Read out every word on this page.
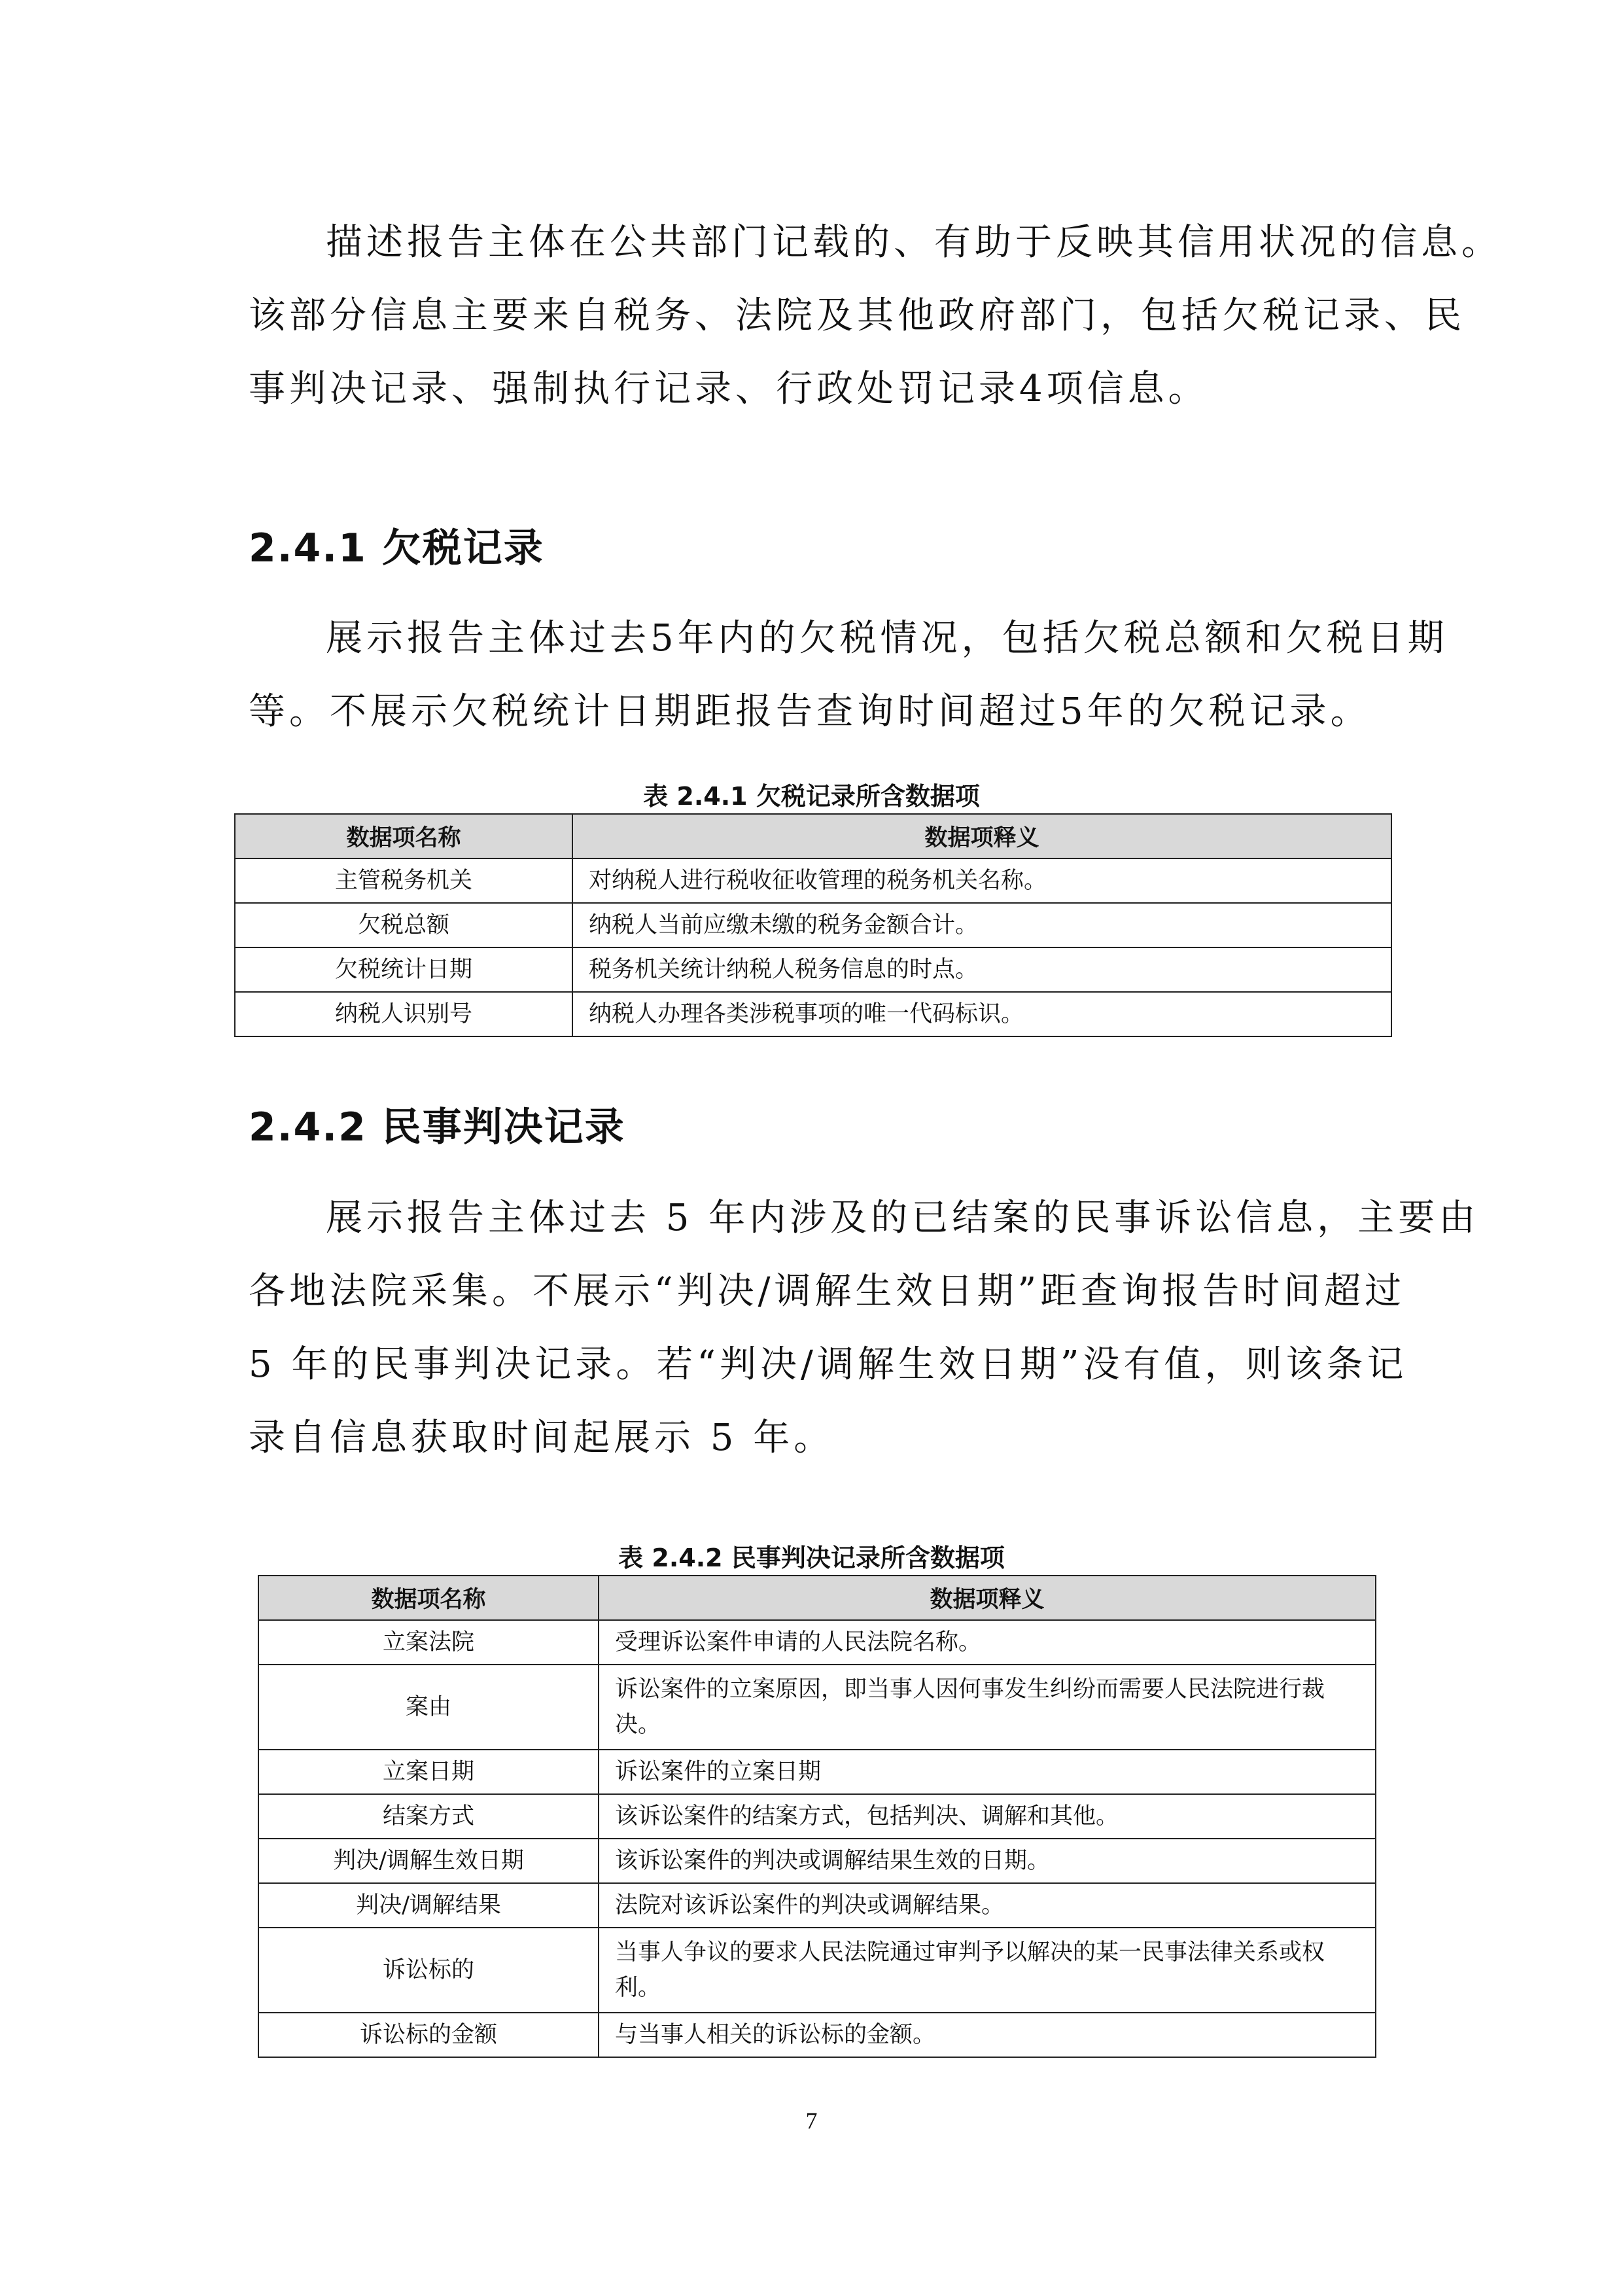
描述报告主体在公共部门记载的、有助于反映其信用状况的信息。
该部分信息主要来自税务、法院及其他政府部门，包括欠税记录、民
事判决记录、强制执行记录、行政处罚记录4项信息。
2.4.1 欠税记录
展示报告主体过去5年内的欠税情况，包括欠税总额和欠税日期
等。不展示欠税统计日期距报告查询时间超过5年的欠税记录。
表 2.4.1 欠税记录所含数据项
数据项名称	数据项释义
主管税务机关	对纳税人进行税收征收管理的税务机关名称。
欠税总额	纳税人当前应缴未缴的税务金额合计。
欠税统计日期	税务机关统计纳税人税务信息的时点。
纳税人识别号	纳税人办理各类涉税事项的唯一代码标识。
2.4.2 民事判决记录
展示报告主体过去 5 年内涉及的已结案的民事诉讼信息，主要由
各地法院采集。不展示“判决/调解生效日期”距查询报告时间超过
5 年的民事判决记录。若“判决/调解生效日期”没有值，则该条记
录自信息获取时间起展示 5 年。
表 2.4.2 民事判决记录所含数据项
数据项名称	数据项释义
立案法院	受理诉讼案件申请的人民法院名称。
案由	诉讼案件的立案原因，即当事人因何事发生纠纷而需要人民法院进行裁决。
立案日期	诉讼案件的立案日期
结案方式	该诉讼案件的结案方式，包括判决、调解和其他。
判决/调解生效日期	该诉讼案件的判决或调解结果生效的日期。
判决/调解结果	法院对该诉讼案件的判决或调解结果。
诉讼标的	当事人争议的要求人民法院通过审判予以解决的某一民事法律关系或权利。
诉讼标的金额	与当事人相关的诉讼标的金额。
7
